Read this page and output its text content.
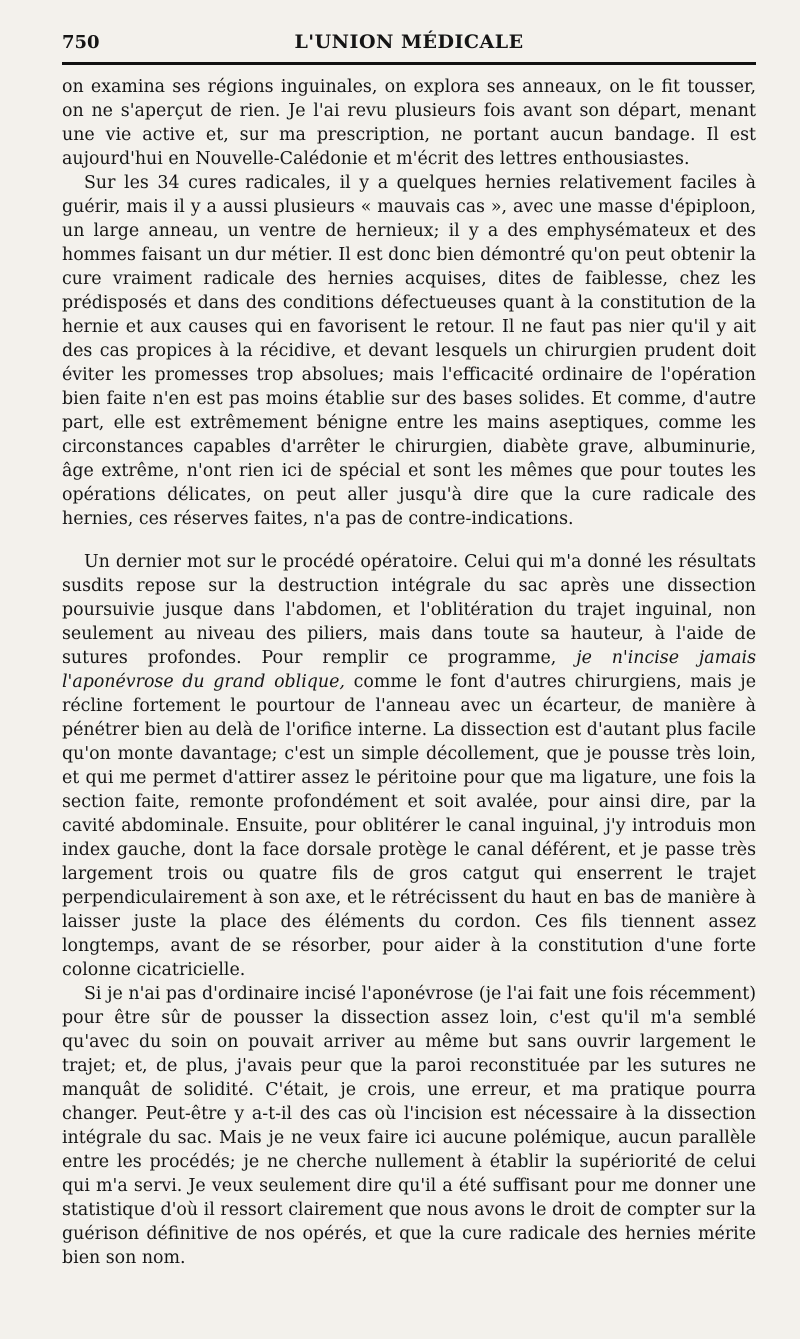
750	L'UNION MÉDICALE

on examina ses régions inguinales, on explora ses anneaux, on le fit tousser, on ne s'aperçut de rien. Je l'ai revu plusieurs fois avant son départ, menant une vie active et, sur ma prescription, ne portant aucun bandage. Il est aujourd'hui en Nouvelle-Calédonie et m'écrit des lettres enthousiastes.

Sur les 34 cures radicales, il y a quelques hernies relativement faciles à guérir, mais il y a aussi plusieurs « mauvais cas », avec une masse d'épiploon, un large anneau, un ventre de hernieux; il y a des emphysémateux et des hommes faisant un dur métier. Il est donc bien démontré qu'on peut obtenir la cure vraiment radicale des hernies acquises, dites de faiblesse, chez les prédisposés et dans des conditions défectueuses quant à la constitution de la hernie et aux causes qui en favorisent le retour. Il ne faut pas nier qu'il y ait des cas propices à la récidive, et devant lesquels un chirurgien prudent doit éviter les promesses trop absolues; mais l'efficacité ordinaire de l'opération bien faite n'en est pas moins établie sur des bases solides. Et comme, d'autre part, elle est extrêmement bénigne entre les mains aseptiques, comme les circonstances capables d'arrêter le chirurgien, diabète grave, albuminurie, âge extrême, n'ont rien ici de spécial et sont les mêmes que pour toutes les opérations délicates, on peut aller jusqu'à dire que la cure radicale des hernies, ces réserves faites, n'a pas de contre-indications.

Un dernier mot sur le procédé opératoire. Celui qui m'a donné les résultats susdits repose sur la destruction intégrale du sac après une dissection poursuivie jusque dans l'abdomen, et l'oblitération du trajet inguinal, non seulement au niveau des piliers, mais dans toute sa hauteur, à l'aide de sutures profondes. Pour remplir ce programme, je n'incise jamais l'aponévrose du grand oblique, comme le font d'autres chirurgiens, mais je récline fortement le pourtour de l'anneau avec un écarteur, de manière à pénétrer bien au delà de l'orifice interne. La dissection est d'autant plus facile qu'on monte davantage; c'est un simple décollement, que je pousse très loin, et qui me permet d'attirer assez le péritoine pour que ma ligature, une fois la section faite, remonte profondément et soit avalée, pour ainsi dire, par la cavité abdominale. Ensuite, pour oblitérer le canal inguinal, j'y introduis mon index gauche, dont la face dorsale protège le canal déférent, et je passe très largement trois ou quatre fils de gros catgut qui enserrent le trajet perpendiculairement à son axe, et le rétrécissent du haut en bas de manière à laisser juste la place des éléments du cordon. Ces fils tiennent assez longtemps, avant de se résorber, pour aider à la constitution d'une forte colonne cicatricielle.

Si je n'ai pas d'ordinaire incisé l'aponévrose (je l'ai fait une fois récemment) pour être sûr de pousser la dissection assez loin, c'est qu'il m'a semblé qu'avec du soin on pouvait arriver au même but sans ouvrir largement le trajet; et, de plus, j'avais peur que la paroi reconstituée par les sutures ne manquât de solidité. C'était, je crois, une erreur, et ma pratique pourra changer. Peut-être y a-t-il des cas où l'incision est nécessaire à la dissection intégrale du sac. Mais je ne veux faire ici aucune polémique, aucun parallèle entre les procédés; je ne cherche nullement à établir la supériorité de celui qui m'a servi. Je veux seulement dire qu'il a été suffisant pour me donner une statistique d'où il ressort clairement que nous avons le droit de compter sur la guérison définitive de nos opérés, et que la cure radicale des hernies mérite bien son nom.
